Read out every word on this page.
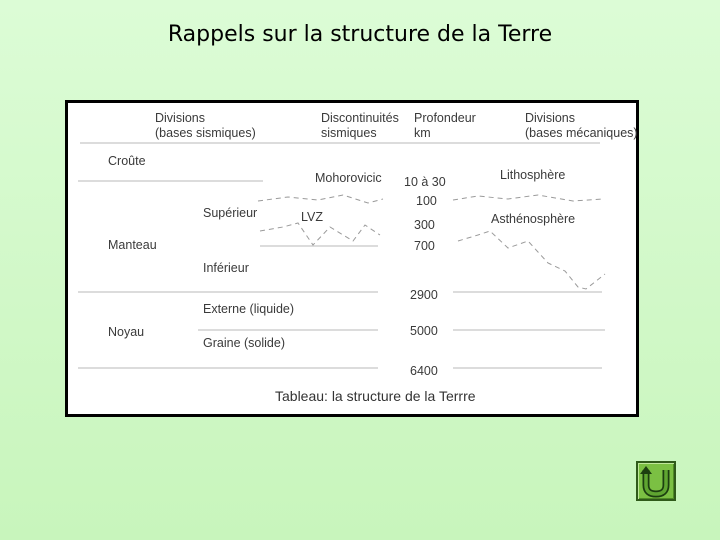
Rappels sur la structure de la Terre
Divisions
(bases sismiques)
Discontinuités
sismiques
Profondeur
km
Divisions
(bases mécaniques)
Croûte
Manteau
Noyau
Supérieur
Inférieur
Externe (liquide)
Graine (solide)
Mohorovicic
LVZ
10 à 30
100
300
700
2900
5000
6400
Lithosphère
Asthénosphère
Tableau: la structure de la Terrre
